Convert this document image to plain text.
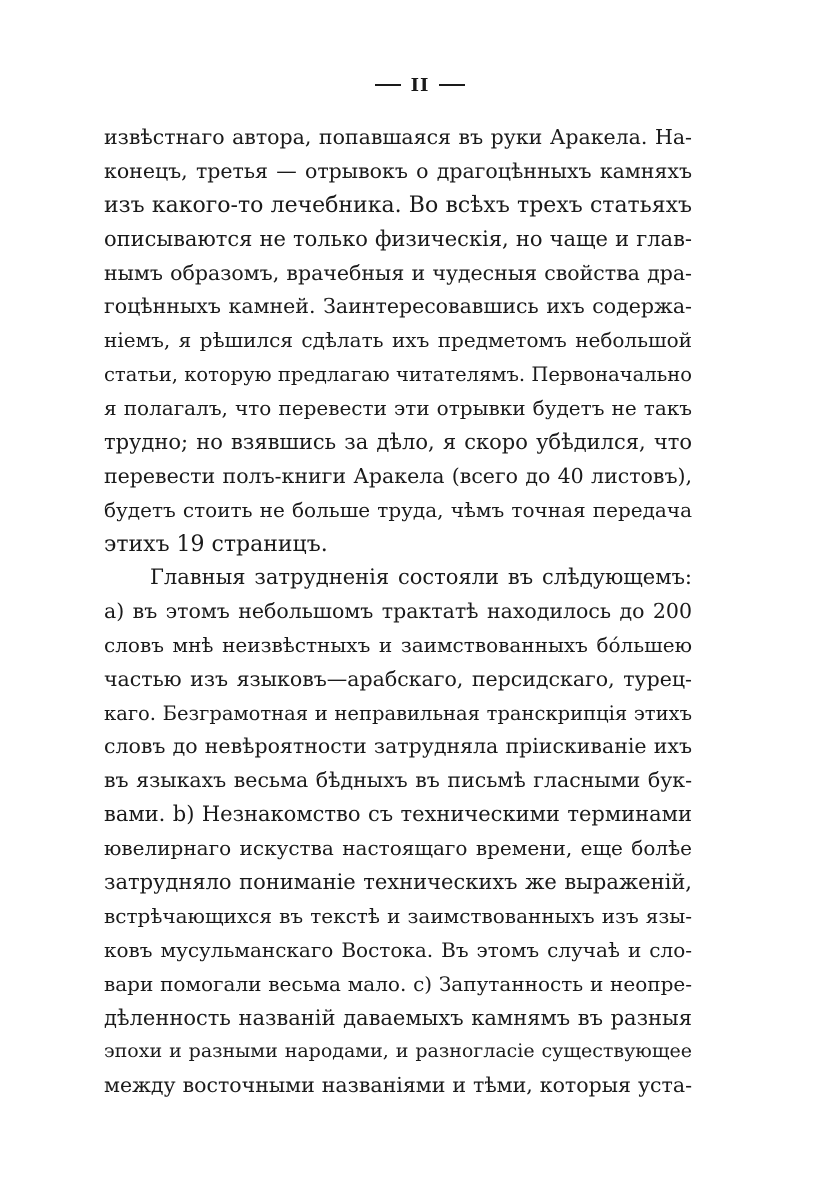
II
извѣстнаго автора, попавшаяся въ руки Аракела. На-
конецъ, третья — отрывокъ о драгоцѣнныхъ камняхъ
изъ какого-то лечебника. Во всѣхъ трехъ статьяхъ
описываются не только физическія, но чаще и глав-
нымъ образомъ, врачебныя и чудесныя свойства дра-
гоцѣнныхъ камней. Заинтересовавшись ихъ содержа-
ніемъ, я рѣшился сдѣлать ихъ предметомъ небольшой
статьи, которую предлагаю читателямъ. Первоначально
я полагалъ, что перевести эти отрывки будетъ не такъ
трудно; но взявшись за дѣло, я скоро убѣдился, что
перевести полъ-книги Аракела (всего до 40 листовъ),
будетъ стоить не больше труда, чѣмъ точная передача
этихъ 19 страницъ.
Главныя затрудненія состояли въ слѣдующемъ:
а) въ этомъ небольшомъ трактатѣ находилось до 200
словъ мнѣ неизвѣстныхъ и заимствованныхъ бо́льшею
частью изъ языковъ—арабскаго, персидскаго, турец-
каго. Безграмотная и неправильная транскрипція этихъ
словъ до невѣроятности затрудняла пріискиваніе ихъ
въ языкахъ весьма бѣдныхъ въ письмѣ гласными бук-
вами. b) Незнакомство съ техническими терминами
ювелирнаго искуства настоящаго времени, еще болѣе
затрудняло пониманіе техническихъ же выраженій,
встрѣчающихся въ текстѣ и заимствованныхъ изъ язы-
ковъ мусульманскаго Востока. Въ этомъ случаѣ и сло-
вари помогали весьма мало. с) Запутанность и неопре-
дѣленность названій даваемыхъ камнямъ въ разныя
эпохи и разными народами, и разногласіе существующее
между восточными названіями и тѣми, которыя уста-
